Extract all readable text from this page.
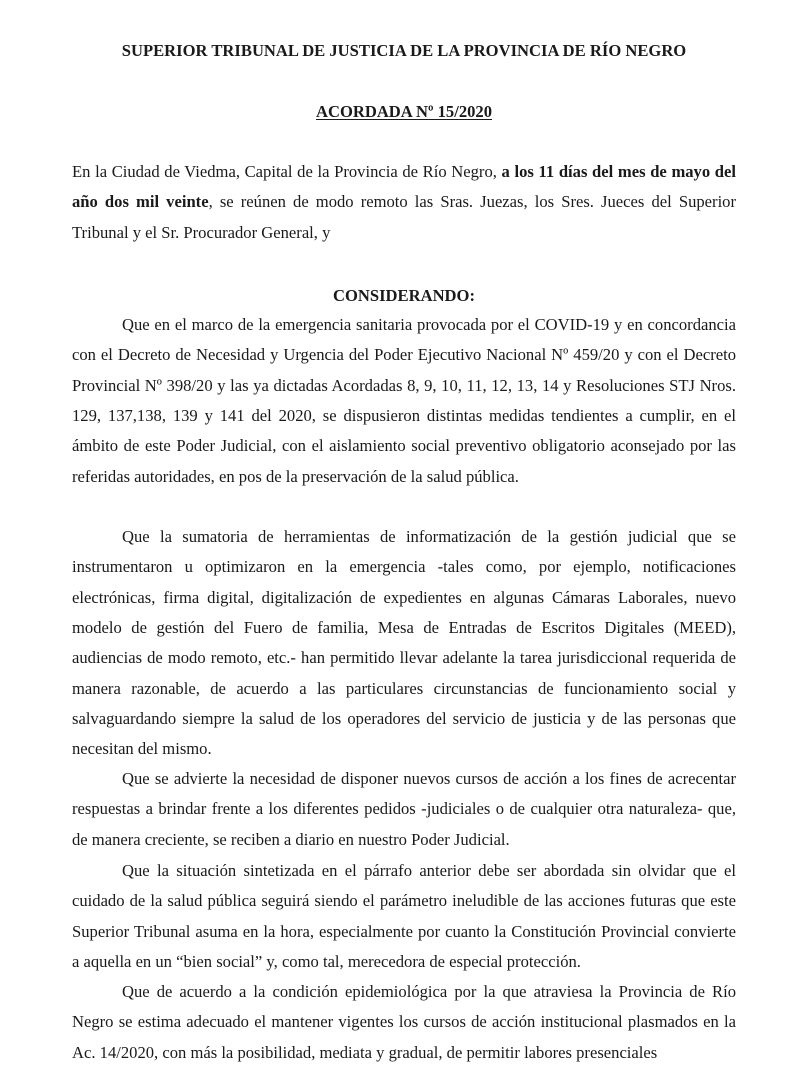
SUPERIOR TRIBUNAL DE JUSTICIA DE LA PROVINCIA DE RÍO NEGRO
ACORDADA Nº 15/2020

En la Ciudad de Viedma, Capital de la Provincia de Río Negro, a los 11 días del mes de mayo del año dos mil veinte, se reúnen de modo remoto las Sras. Juezas, los Sres. Jueces del Superior Tribunal y el Sr. Procurador General, y

CONSIDERANDO:

Que en el marco de la emergencia sanitaria provocada por el COVID-19 y en concordancia con el Decreto de Necesidad y Urgencia del Poder Ejecutivo Nacional Nº 459/20 y con el Decreto Provincial Nº 398/20 y las ya dictadas Acordadas 8, 9, 10, 11, 12, 13, 14 y Resoluciones STJ Nros. 129, 137,138, 139 y 141 del 2020, se dispusieron distintas medidas tendientes a cumplir, en el ámbito de este Poder Judicial, con el aislamiento social preventivo obligatorio aconsejado por las referidas autoridades, en pos de la preservación de la salud pública.

Que la sumatoria de herramientas de informatización de la gestión judicial que se instrumentaron u optimizaron en la emergencia -tales como, por ejemplo, notificaciones electrónicas, firma digital, digitalización de expedientes en algunas Cámaras Laborales, nuevo modelo de gestión del Fuero de familia, Mesa de Entradas de Escritos Digitales (MEED), audiencias de modo remoto, etc.- han permitido llevar adelante la tarea jurisdiccional requerida de manera razonable, de acuerdo a las particulares circunstancias de funcionamiento social y salvaguardando siempre la salud de los operadores del servicio de justicia y de las personas que necesitan del mismo.

Que se advierte la necesidad de disponer nuevos cursos de acción a los fines de acrecentar respuestas a brindar frente a los diferentes pedidos -judiciales o de cualquier otra naturaleza- que, de manera creciente, se reciben a diario en nuestro Poder Judicial.

Que la situación sintetizada en el párrafo anterior debe ser abordada sin olvidar que el cuidado de la salud pública seguirá siendo el parámetro ineludible de las acciones futuras que este Superior Tribunal asuma en la hora, especialmente por cuanto la Constitución Provincial convierte a aquella en un “bien social” y, como tal, merecedora de especial protección.

Que de acuerdo a la condición epidemiológica por la que atraviesa la Provincia de Río Negro se estima adecuado el mantener vigentes los cursos de acción institucional plasmados en la Ac. 14/2020, con más la posibilidad, mediata y gradual, de permitir labores presenciales
